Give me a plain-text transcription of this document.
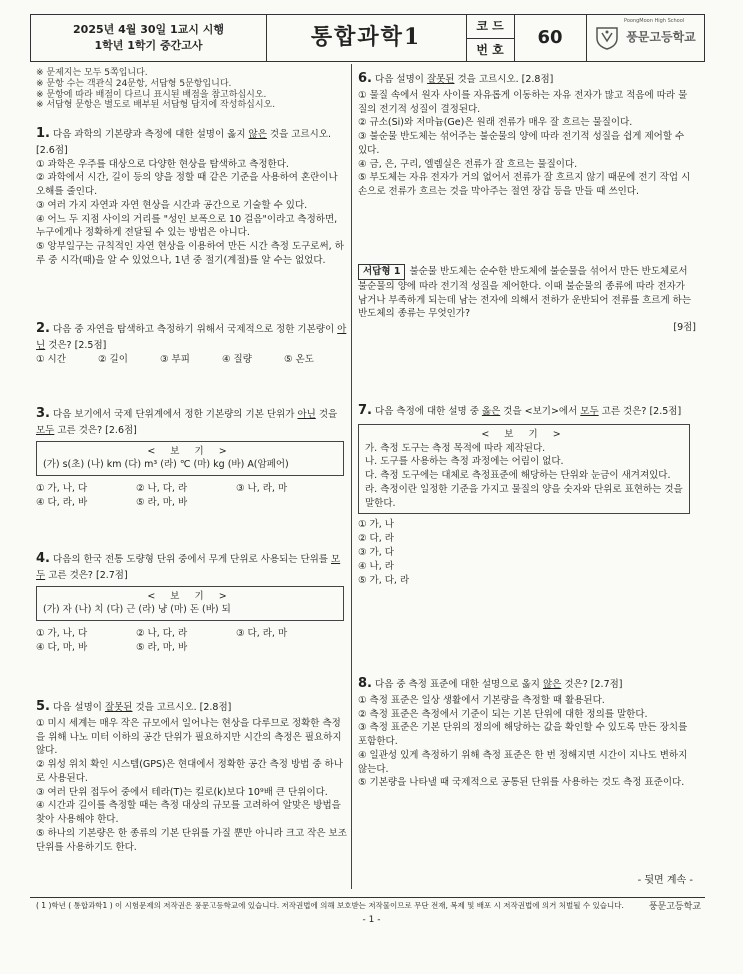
2025년 4월 30일 1교시 시행
1학년 1학기 중간고사	통합과학1	코 드
번 호
60
PoongMoon High School
풍문고등학교
※ 문제지는 모두 5쪽입니다.
※ 문항 수는 객관식 24문항, 서답형 5문항입니다.
※ 문항에 따라 배점이 다르니 표시된 배점을 참고하십시오.
※ 서답형 문항은 별도로 배부된 서답형 답지에 작성하십시오.
1. 다음 과학의 기본량과 측정에 대한 설명이 옳지 않은 것을 고르시오. [2.6점]

① 과학은 우주를 대상으로 다양한 현상을 탐색하고 측정한다.

② 과학에서 시간, 길이 등의 양을 정할 때 같은 기준을 사용하여 혼란이나 오해를 줄인다.

③ 여러 가지 자연과 자연 현상을 시간과 공간으로 기술할 수 있다.

④ 어느 두 지점 사이의 거리를 "성인 보폭으로 10 걸음"이라고 측정하면, 누구에게나 정확하게 전달될 수 있는 방법은 아니다.

⑤ 앙부일구는 규칙적인 자연 현상을 이용하여 만든 시간 측정 도구로써, 하루 중 시각(때)을 알 수 있었으나, 1년 중 절기(계절)를 알 수는 없었다.

2. 다음 중 자연을 탐색하고 측정하기 위해서 국제적으로 정한 기본량이 아닌 것은? [2.5점]
① 시간	② 길이	③ 부피	④ 질량	⑤ 온도
3. 다음 보기에서 국제 단위계에서 정한 기본량의 기본 단위가 아닌 것을 모두 고른 것은? [2.6점]
< 보 기 >
(가) s(초) (나) km (다) m³ (라) ℃ (마) kg (바) A(암페어)
① 가, 나, 다	② 나, 다, 라	③ 나, 라, 마
④ 다, 라, 바	⑤ 라, 마, 바
4. 다음의 한국 전통 도량형 단위 중에서 무게 단위로 사용되는 단위를 모두 고른 것은? [2.7점]
< 보 기 >
(가) 자 (나) 치 (다) 근 (라) 냥 (마) 돈 (바) 되
① 가, 나, 다	② 나, 다, 라	③ 다, 라, 마
④ 다, 마, 바	⑤ 라, 마, 바
5. 다음 설명이 잘못된 것을 고르시오. [2.8점]

① 미시 세계는 매우 작은 규모에서 일어나는 현상을 다루므로 정확한 측정을 위해 나노 미터 이하의 공간 단위가 필요하지만 시간의 측정은 필요하지 않다.

② 위성 위치 확인 시스템(GPS)은 현대에서 정확한 공간 측정 방법 중 하나로 사용된다.

③ 여러 단위 접두어 중에서 테라(T)는 킬로(k)보다 10⁹배 큰 단위이다.

④ 시간과 길이를 측정할 때는 측정 대상의 규모를 고려하여 알맞은 방법을 찾아 사용해야 한다.

⑤ 하나의 기본량은 한 종류의 기본 단위를 가질 뿐만 아니라 크고 작은 보조 단위를 사용하기도 한다.

6. 다음 설명이 잘못된 것을 고르시오. [2.8점]

① 물질 속에서 원자 사이를 자유롭게 이동하는 자유 전자가 많고 적음에 따라 물질의 전기적 성질이 결정된다.

② 규소(Si)와 저마늄(Ge)은 원래 전류가 매우 잘 흐르는 물질이다.

③ 불순물 반도체는 섞어주는 불순물의 양에 따라 전기적 성질을 쉽게 제어할 수 있다.

④ 금, 은, 구리, 엘렘실은 전류가 잘 흐르는 물질이다.

⑤ 부도체는 자유 전자가 거의 없어서 전류가 잘 흐르지 않기 때문에 전기 작업 시 손으로 전류가 흐르는 것을 막아주는 절연 장갑 등을 만들 때 쓰인다.

서답형 1 불순물 반도체는 순수한 반도체에 불순물을 섞어서 만든 반도체로서 불순물의 양에 따라 전기적 성질을 제어한다. 이때 불순물의 종류에 따라 전자가 남거나 부족하게 되는데 남는 전자에 의해서 전하가 운반되어 전류를 흐르게 하는 반도체의 종류는 무엇인가?
[9점]
7. 다음 측정에 대한 설명 중 옳은 것을 <보기>에서 모두 고른 것은? [2.5점]
< 보 기 >
가. 측정 도구는 측정 목적에 따라 제작된다.
나. 도구를 사용하는 측정 과정에는 어림이 없다.
다. 측정 도구에는 대체로 측정표준에 해당하는 단위와 눈금이 새겨져있다.
라. 측정이란 일정한 기준을 가지고 물질의 양을 숫자와 단위로 표현하는 것을 말한다.

① 가, 나

② 다, 라

③ 가, 다

④ 나, 라

⑤ 가, 다, 라

8. 다음 중 측정 표준에 대한 설명으로 옳지 않은 것은? [2.7점]

① 측정 표준은 일상 생활에서 기본량을 측정할 때 활용된다.

② 측정 표준은 측정에서 기준이 되는 기본 단위에 대한 정의를 말한다.

③ 측정 표준은 기본 단위의 정의에 해당하는 값을 확인할 수 있도록 만든 장치를 포함한다.

④ 일관성 있게 측정하기 위해 측정 표준은 한 번 정해지면 시간이 지나도 변하지 않는다.

⑤ 기본량을 나타낼 때 국제적으로 공통된 단위를 사용하는 것도 측정 표준이다.

- 뒷면 계속 -
( 1 )학년 ( 통합과학1 ) 이 시험문제의 저작권은 풍문고등학교에 있습니다. 저작권법에 의해 보호받는 저작물이므로 무단 전재, 복제 및 배포 시 저작권법에 의거 처벌될 수 있습니다.	풍문고등학교
- 1 -
